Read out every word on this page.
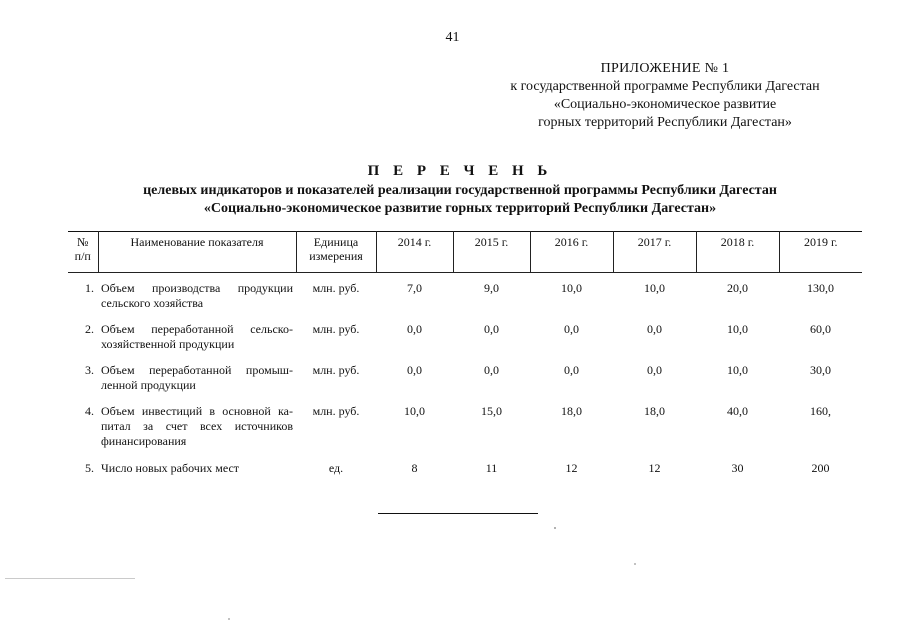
41
ПРИЛОЖЕНИЕ № 1
к государственной программе Республики Дагестан
«Социально-экономическое развитие
горных территорий Республики Дагестан»
П Е Р Е Ч Е Н Ь
целевых индикаторов и показателей реализации государственной программы Республики Дагестан
«Социально-экономическое развитие горных территорий Республики Дагестан»
№ п/п	Наименование показателя	Единица измерения	2014 г.	2015 г.	2016 г.	2017 г.	2018 г.	2019 г.

1.	Объем производства продукции сельского хозяйства	млн. руб.	7,0	9,0	10,0	10,0	20,0	130,0
2.	Объем переработанной сельско-хозяйственной продукции	млн. руб.	0,0	0,0	0,0	0,0	10,0	60,0
3.	Объем переработанной промыш-ленной продукции	млн. руб.	0,0	0,0	0,0	0,0	10,0	30,0
4.	Объем инвестиций в основной ка-питал за счет всех источников финансирования	млн. руб.	10,0	15,0	18,0	18,0	40,0	160,
5.	Число новых рабочих мест	ед.	8	11	12	12	30	200
